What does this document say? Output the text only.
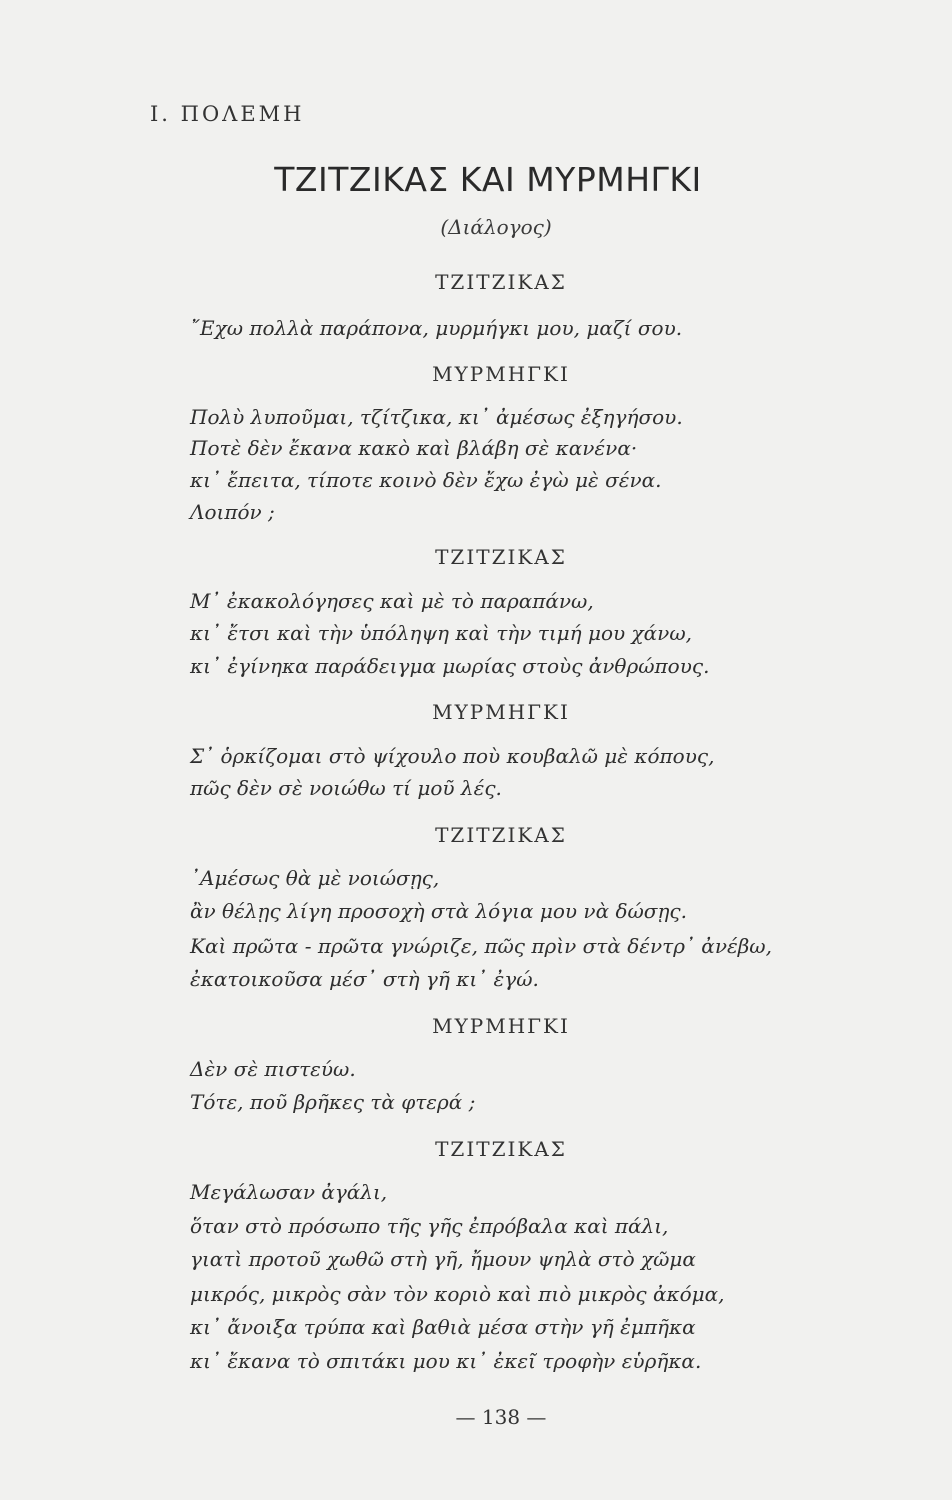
I. ΠΟΛΕΜΗ
ΤΖΙΤΖΙΚΑΣ ΚΑΙ ΜΥΡΜΗΓΚΙ
(Διάλογος)
ΤΖΙΤΖΙΚΑΣ
῎Εχω πολλὰ παράπονα, μυρμήγκι μου, μαζί σου.
ΜΥΡΜΗΓΚΙ
Πολὺ λυποῦμαι, τζίτζικα, κι᾽ ἀμέσως ἐξηγήσου.
Ποτὲ δὲν ἔκανα κακὸ καὶ βλάβη σὲ κανένα·
κι᾽ ἔπειτα, τίποτε κοινὸ δὲν ἔχω ἐγὼ μὲ σένα.
Λοιπόν ;
ΤΖΙΤΖΙΚΑΣ
Μ᾽ ἐκακολόγησες καὶ μὲ τὸ παραπάνω,
κι᾽ ἔτσι καὶ τὴν ὑπόληψη καὶ τὴν τιμή μου χάνω,
κι᾽ ἐγίνηκα παράδειγμα μωρίας στοὺς ἀνθρώπους.
ΜΥΡΜΗΓΚΙ
Σ᾽ ὁρκίζομαι στὸ ψίχουλο ποὺ κουβαλῶ μὲ κόπους,
πῶς δὲν σὲ νοιώθω τί μοῦ λές.
ΤΖΙΤΖΙΚΑΣ
᾽Αμέσως θὰ μὲ νοιώσῃς,
ἂν θέλῃς λίγη προσοχὴ στὰ λόγια μου νὰ δώσῃς.
Καὶ πρῶτα - πρῶτα γνώριζε, πῶς πρὶν στὰ δέντρ᾽ ἀνέβω,
ἐκατοικοῦσα μέσ᾽ στὴ γῆ κι᾽ ἐγώ.
ΜΥΡΜΗΓΚΙ
Δὲν σὲ πιστεύω.
Τότε, ποῦ βρῆκες τὰ φτερά ;
ΤΖΙΤΖΙΚΑΣ
Μεγάλωσαν ἀγάλι,
ὅταν στὸ πρόσωπο τῆς γῆς ἐπρόβαλα καὶ πάλι,
γιατὶ προτοῦ χωθῶ στὴ γῆ, ἤμουν ψηλὰ στὸ χῶμα
μικρός, μικρὸς σὰν τὸν κοριὸ καὶ πιὸ μικρὸς ἀκόμα,
κι᾽ ἄνοιξα τρύπα καὶ βαθιὰ μέσα στὴν γῆ ἐμπῆκα
κι᾽ ἔκανα τὸ σπιτάκι μου κι᾽ ἐκεῖ τροφὴν εὑρῆκα.
— 138 —
